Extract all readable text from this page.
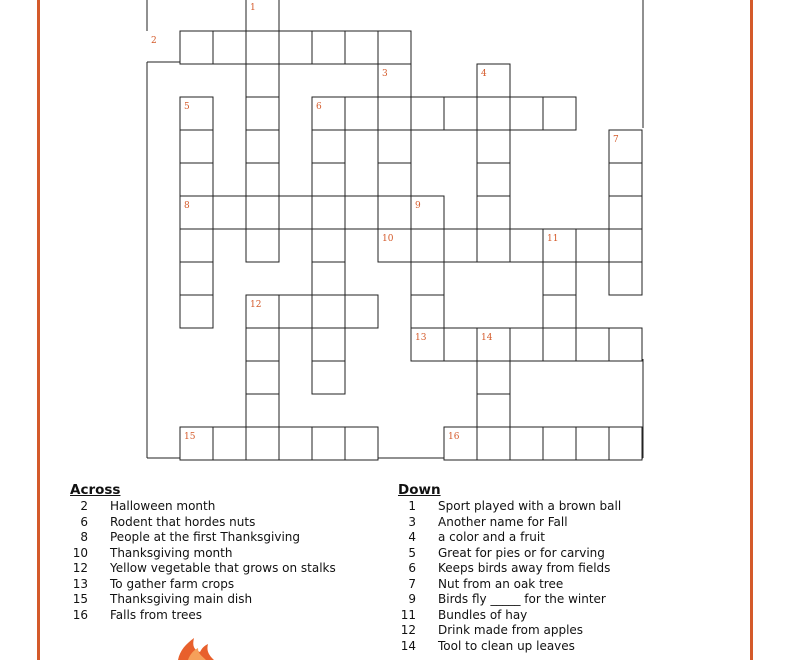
1
2
3	4
5	6
7
8	9
10	11
12
13	14
15	16
Across
2 Halloween month
6 Rodent that hordes nuts
8 People at the first Thanksgiving
10 Thanksgiving month
12 Yellow vegetable that grows on stalks
13 To gather farm crops
15 Thanksgiving main dish
16 Falls from trees
Down
1 Sport played with a brown ball
3 Another name for Fall
4 a color and a fruit
5 Great for pies or for carving
6 Keeps birds away from fields
7 Nut from an oak tree
9 Birds fly _____ for the winter
11 Bundles of hay
12 Drink made from apples
14 Tool to clean up leaves
